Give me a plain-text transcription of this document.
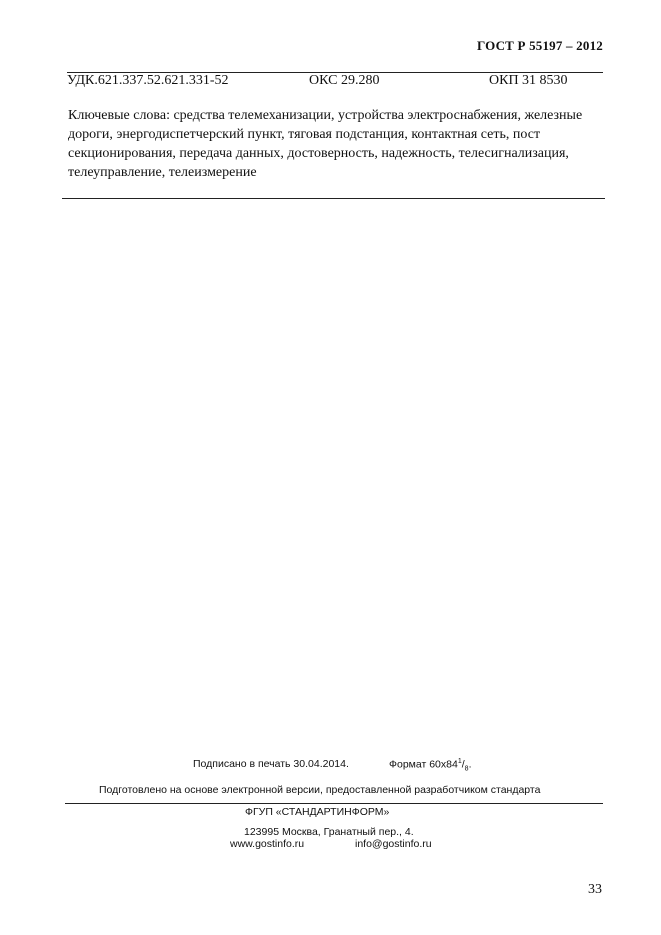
ГОСТ Р 55197 – 2012
УДК.621.337.52.621.331-52	ОКС 29.280	ОКП 31 8530
Ключевые слова: средства телемеханизации, устройства электроснабжения, железные дороги, энергодиспетчерский пункт, тяговая подстанция, контактная сеть, пост секционирования, передача данных, достоверность, надежность, телесигнализация, телеуправление, телеизмерение
Подписано в печать 30.04.2014.	Формат $60х84^1/_8$.
Подготовлено на основе электронной версии, предоставленной разработчиком стандарта
ФГУП «СТАНДАРТИНФОРМ»
123995 Москва, Гранатный пер., 4.
www.gostinfo.ru	info@gostinfo.ru
33
